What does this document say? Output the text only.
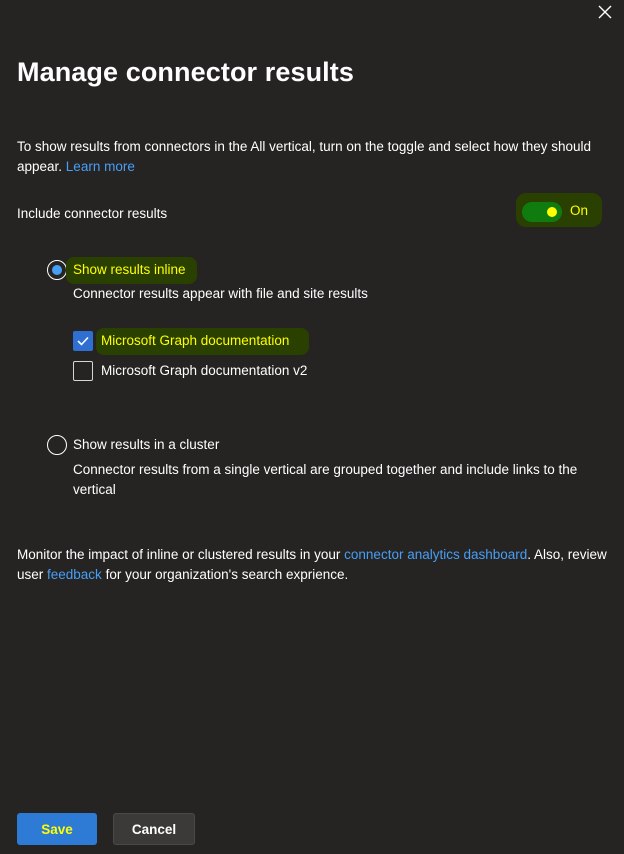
Manage connector results
To show results from connectors in the All vertical, turn on the toggle and select how they should appear. Learn more
Include connector results	On
Show results inline
Connector results appear with file and site results
Microsoft Graph documentation
Microsoft Graph documentation v2
Show results in a cluster
Connector results from a single vertical are grouped together and include links to the vertical
Monitor the impact of inline or clustered results in your connector analytics dashboard. Also, review user feedback for your organization's search exprience.
Save	Cancel
